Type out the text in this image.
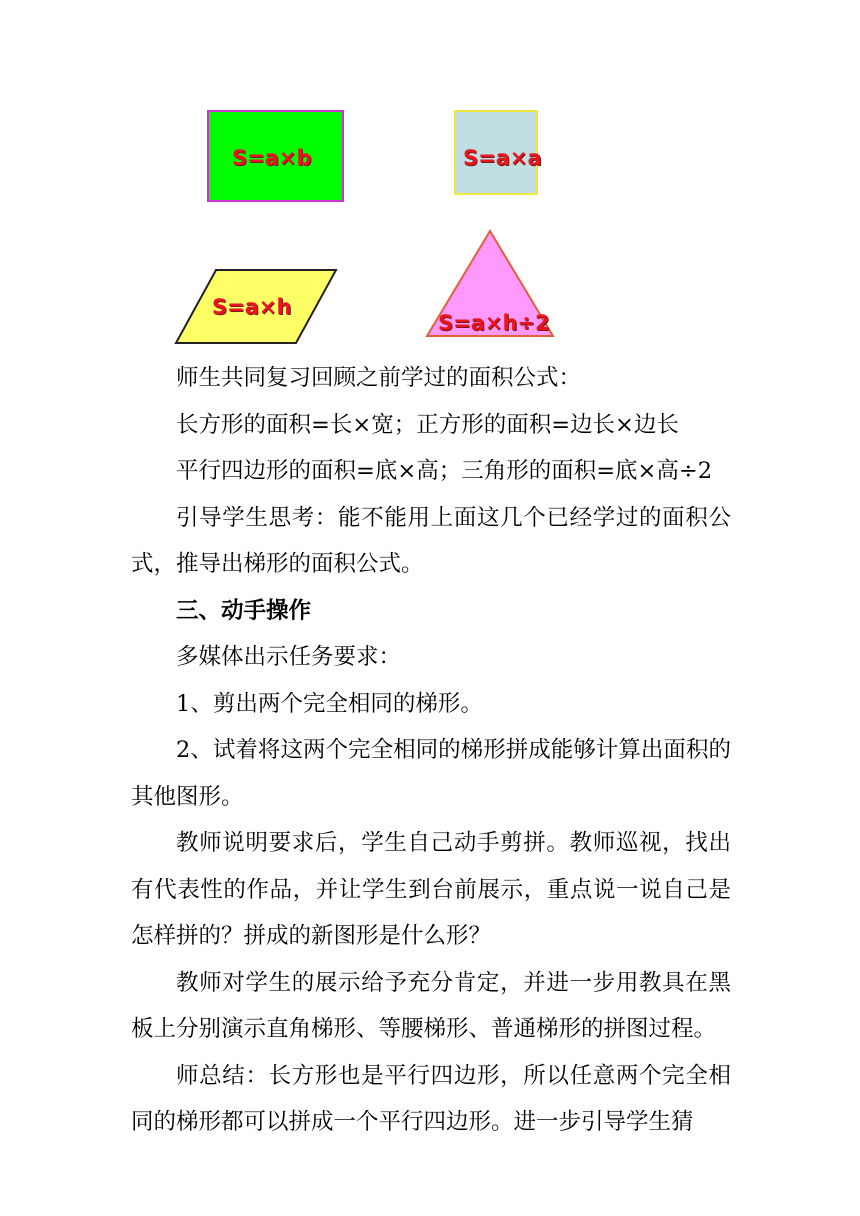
S=a×b	S=a×a
S=a×h
S=a×h÷2

师生共同复习回顾之前学过的面积公式：

长方形的面积=长×宽；正方形的面积=边长×边长

平行四边形的面积=底×高；三角形的面积=底×高÷2

引导学生思考：能不能用上面这几个已经学过的面积公式，推导出梯形的面积公式。

三、动手操作

多媒体出示任务要求：

1、剪出两个完全相同的梯形。

2、试着将这两个完全相同的梯形拼成能够计算出面积的其他图形。

教师说明要求后，学生自己动手剪拼。教师巡视，找出有代表性的作品，并让学生到台前展示，重点说一说自己是怎样拼的？拼成的新图形是什么形？

教师对学生的展示给予充分肯定，并进一步用教具在黑板上分别演示直角梯形、等腰梯形、普通梯形的拼图过程。

师总结：长方形也是平行四边形，所以任意两个完全相同的梯形都可以拼成一个平行四边形。进一步引导学生猜
